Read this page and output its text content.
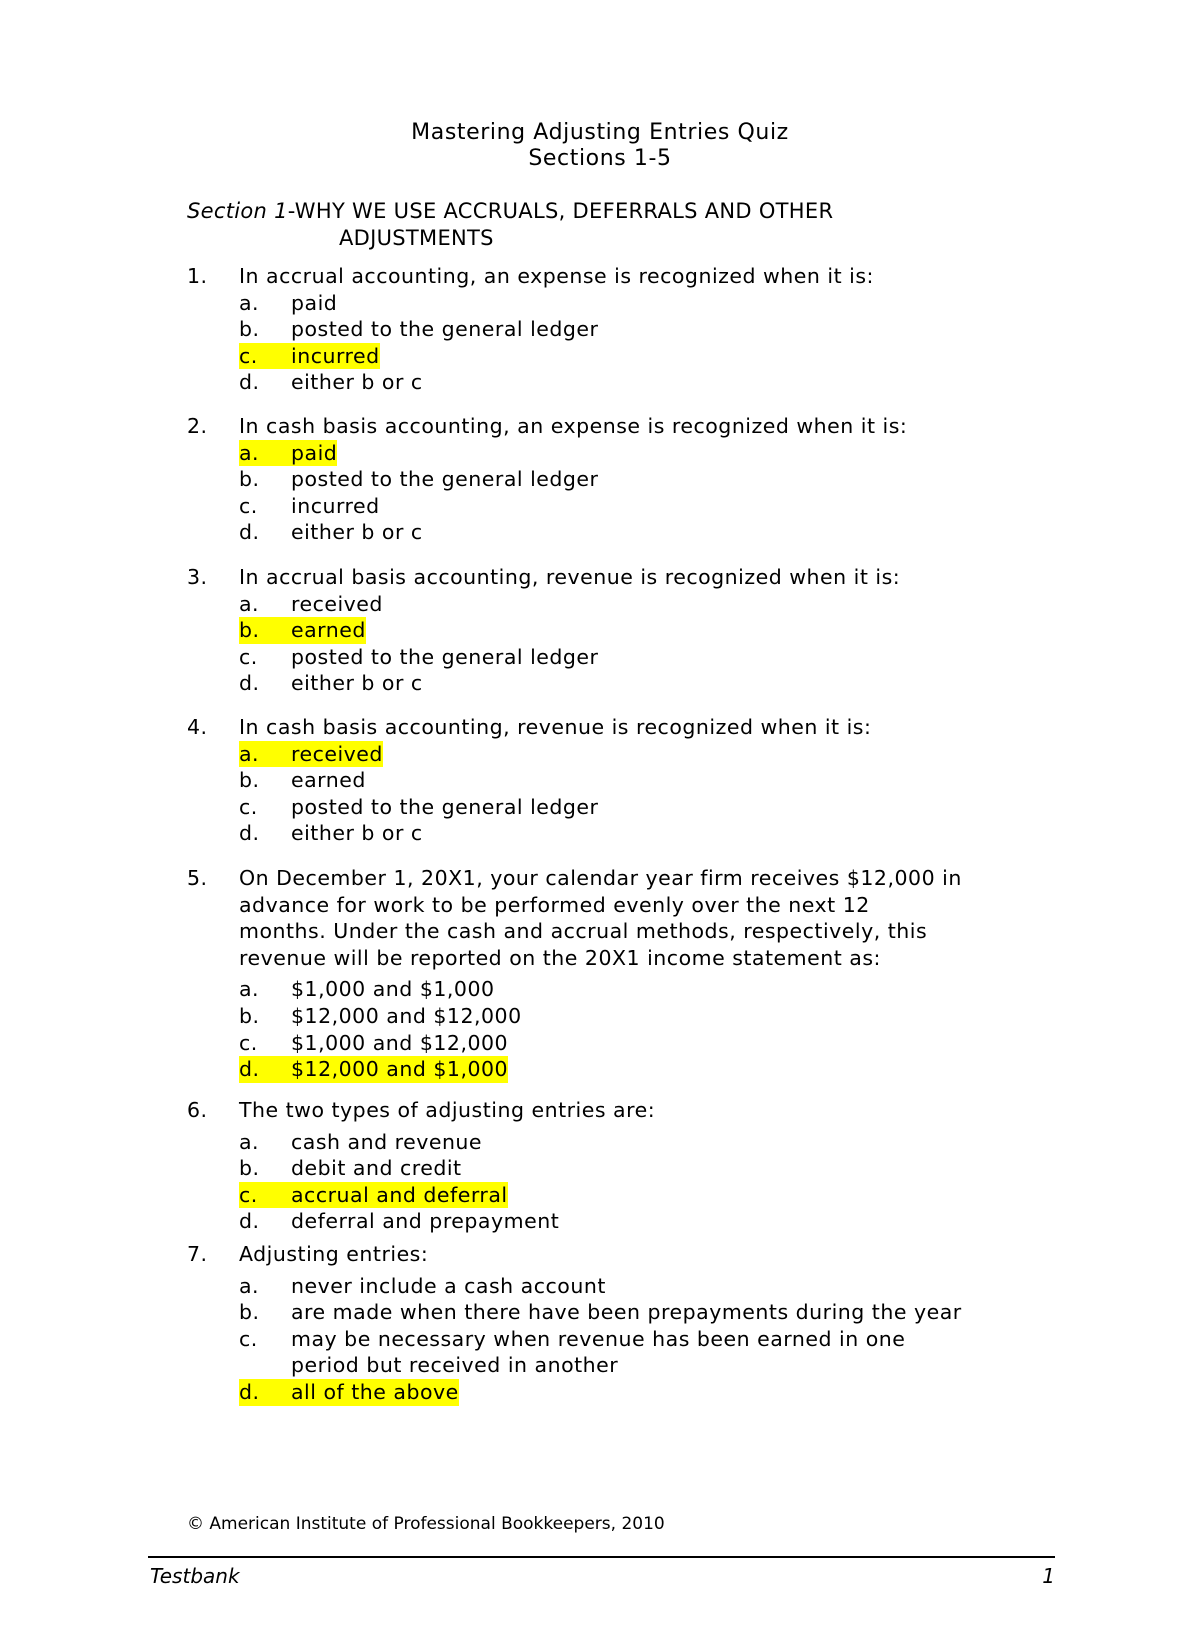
Mastering Adjusting Entries Quiz
Sections 1-5
Section 1-WHY WE USE ACCRUALS, DEFERRALS AND OTHER
ADJUSTMENTS
1.	In accrual accounting, an expense is recognized when it is:
a.	paid
b.	posted to the general ledger
c. incurred
d.	either b or c
2.	In cash basis accounting, an expense is recognized when it is:
a. paid
b.	posted to the general ledger
c.	incurred
d.	either b or c
3.	In accrual basis accounting, revenue is recognized when it is:
a.	received
b. earned
c.	posted to the general ledger
d.	either b or c
4.	In cash basis accounting, revenue is recognized when it is:
a. received
b.	earned
c.	posted to the general ledger
d.	either b or c
5.	On December 1, 20X1, your calendar year firm receives $12,000 in
advance for work to be performed evenly over the next 12
months. Under the cash and accrual methods, respectively, this
revenue will be reported on the 20X1 income statement as:
a.	$1,000 and $1,000
b.	$12,000 and $12,000
c.	$1,000 and $12,000
d. $12,000 and $1,000
6.	The two types of adjusting entries are:
a.	cash and revenue
b.	debit and credit
c. accrual and deferral
d.	deferral and prepayment
7.	Adjusting entries:
a.	never include a cash account
b.	are made when there have been prepayments during the year
c.	may be necessary when revenue has been earned in one period but received in another
d. all of the above
© American Institute of Professional Bookkeepers, 2010
Testbank	1
